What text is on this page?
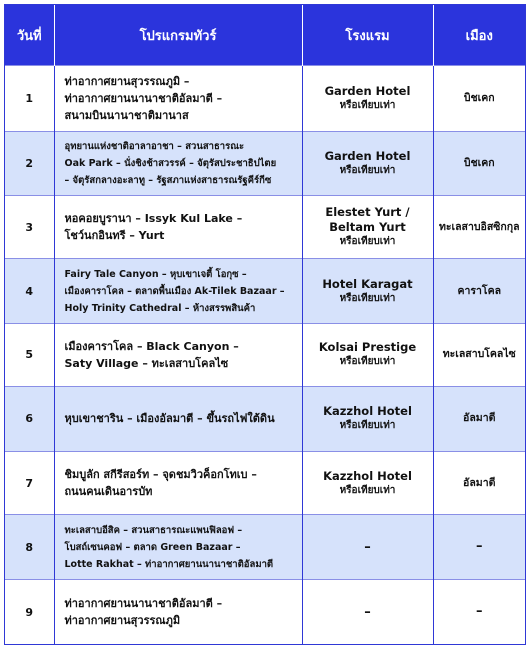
วันที่	โปรแกรมทัวร์	โรงแรม	เมือง
1	ท่าอากาศยานสุวรรณภูมิ –
ท่าอากาศยานนานาชาติอัลมาตี –
สนามบินนานาชาติมานาส	Garden Hotel
หรือเทียบเท่า	บิชเคก
2	อุทยานแห่งชาติอาลาอาชา – สวนสาธารณะ
Oak Park – นั่งชิงช้าสวรรค์ – จัตุรัสประชาธิปไตย
– จัตุรัสกลางอะลาทู – รัฐสภาแห่งสาธารณรัฐคีร์กีซ	Garden Hotel
หรือเทียบเท่า	บิชเคก
3	หอคอยบูรานา – Issyk Kul Lake –
โชว์นกอินทรี – Yurt	Elestet Yurt /
Beltam Yurt
หรือเทียบเท่า	ทะเลสาบอิสซิกกุล
4	Fairy Tale Canyon – หุบเขาเจตี้ โอกุซ –
เมืองคาราโคล – ตลาดพื้นเมือง Ak-Tilek Bazaar –
Holy Trinity Cathedral – ห้างสรรพสินค้า	Hotel Karagat
หรือเทียบเท่า	คาราโคล
5	เมืองคาราโคล – Black Canyon –
Saty Village – ทะเลสาบโคลไซ	Kolsai Prestige
หรือเทียบเท่า	ทะเลสาบโคลไซ
6	หุบเขาชาริน – เมืองอัลมาตี – ขึ้นรถไฟใต้ดิน	Kazzhol Hotel
หรือเทียบเท่า	อัลมาตี
7	ชิมบูลัก สกีรีสอร์ท – จุดชมวิวค็อกโทเบ –
ถนนคนเดินอารบัท	Kazzhol Hotel
หรือเทียบเท่า	อัลมาตี
8	ทะเลสาบอีสิค – สวนสาธารณะแพนฟิลอฟ –
โบสถ์เซนคอฟ – ตลาด Green Bazaar –
Lotte Rakhat – ท่าอากาศยานนานาชาติอัลมาตี	–	–
9	ท่าอากาศยานนานาชาติอัลมาตี –
ท่าอากาศยานสุวรรณภูมิ	–	–
